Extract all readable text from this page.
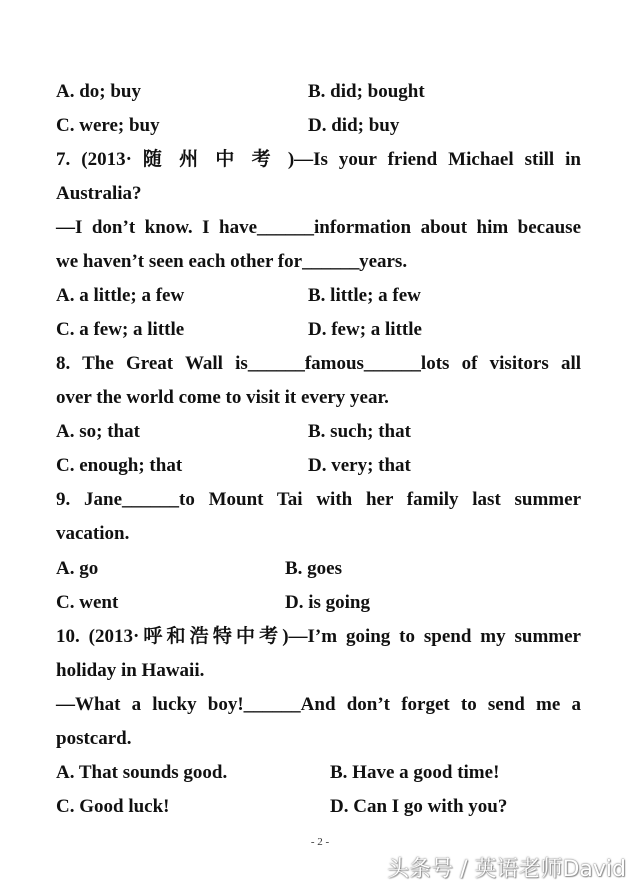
A. do; buy	B. did; bought
C. were; buy	D. did; buy
7. (2013· 随 州 中 考 )—Is your friend Michael still in
Australia?
—I don’t know. I have______information about him because
we haven’t seen each other for______years.
A. a little; a few	B. little; a few
C. a few; a little	D. few; a little
8. The Great Wall is______famous______lots of visitors all
over the world come to visit it every year.
A. so; that	B. such; that
C. enough; that	D. very; that
9. Jane______to Mount Tai with her family last summer
vacation.
A. go	B. goes
C. went	D. is going
10. (2013·呼和浩特中考)—I’m going to spend my summer
holiday in Hawaii.
—What a lucky boy!______And don’t forget to send me a
postcard.
A. That sounds good.	B. Have a good time!
C. Good luck!	D. Can I go with you?
- 2 -
头条号 / 英语老师David
